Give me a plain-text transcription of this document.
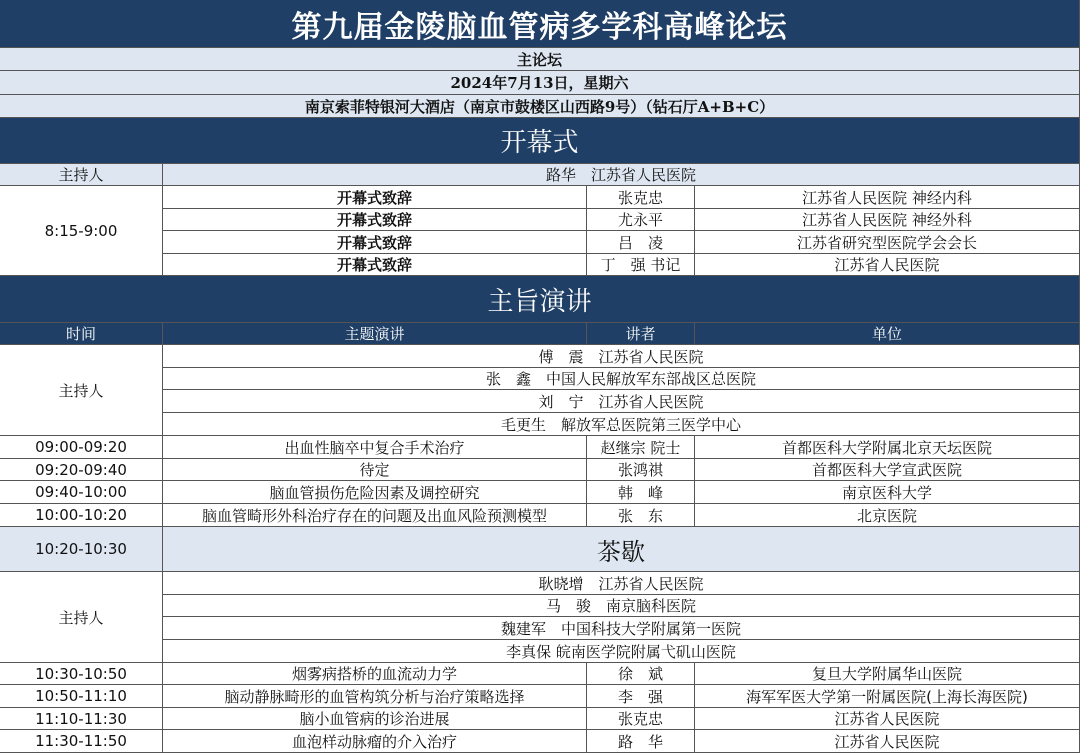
第九届金陵脑血管病多学科高峰论坛
主论坛
2024年7月13日，星期六
南京索菲特银河大酒店（南京市鼓楼区山西路9号）（钻石厅A+B+C）
开幕式
主持人	路华　江苏省人民医院
8:15-9:00
开幕式致辞	张克忠	江苏省人民医院 神经内科
开幕式致辞	尤永平	江苏省人民医院 神经外科
开幕式致辞	吕　凌	江苏省研究型医院学会会长
开幕式致辞	丁　强 书记	江苏省人民医院
主旨演讲
时间	主题演讲	讲者	单位
主持人
傅　震　江苏省人民医院
张　鑫　中国人民解放军东部战区总医院
刘　宁　江苏省人民医院
毛更生　解放军总医院第三医学中心
09:00-09:20	出血性脑卒中复合手术治疗	赵继宗 院士	首都医科大学附属北京天坛医院
09:20-09:40	待定	张鸿祺	首都医科大学宣武医院
09:40-10:00	脑血管损伤危险因素及调控研究	韩　峰	南京医科大学
10:00-10:20	脑血管畸形外科治疗存在的问题及出血风险预测模型	张　东	北京医院
10:20-10:30	茶歇
主持人
耿晓增　江苏省人民医院
马　骏　南京脑科医院
魏建军　中国科技大学附属第一医院
李真保 皖南医学院附属弋矶山医院
10:30-10:50	烟雾病搭桥的血流动力学	徐　斌	复旦大学附属华山医院
10:50-11:10	脑动静脉畸形的血管构筑分析与治疗策略选择	李　强	海军军医大学第一附属医院(上海长海医院)
11:10-11:30	脑小血管病的诊治进展	张克忠	江苏省人民医院
11:30-11:50	血泡样动脉瘤的介入治疗	路　华	江苏省人民医院
